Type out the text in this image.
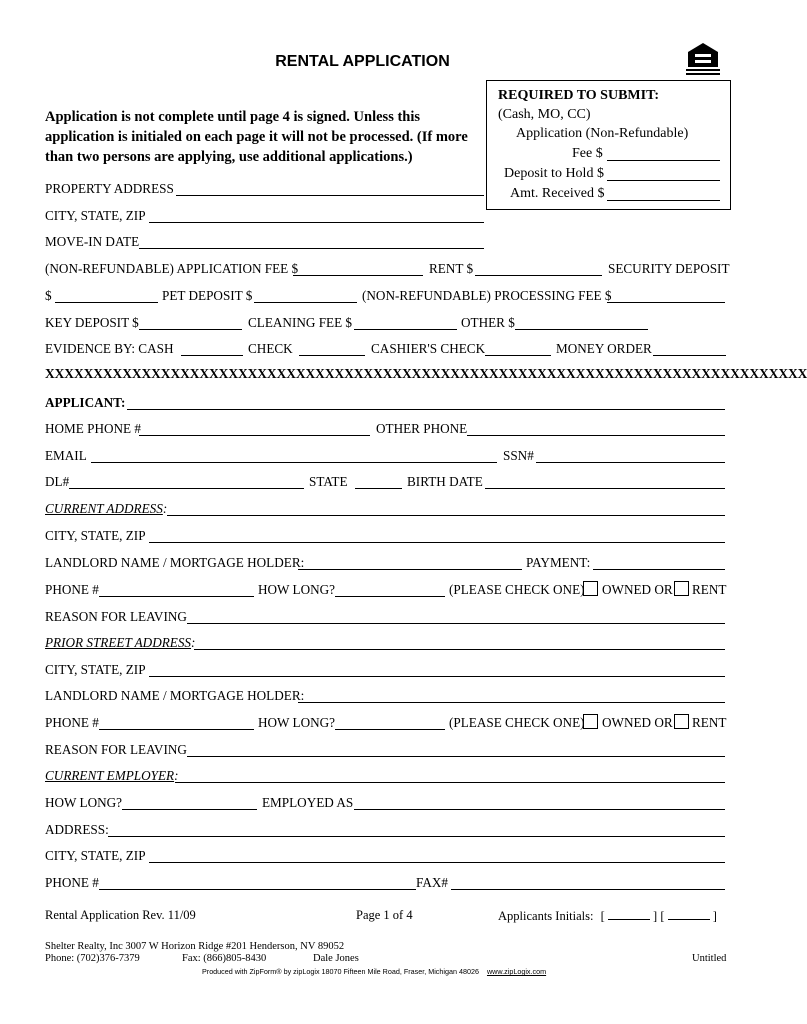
RENTAL APPLICATION
REQUIRED TO SUBMIT:
(Cash, MO, CC)
Application (Non-Refundable)
Fee $
Deposit to Hold $
Amt. Received $
Application is not complete until page 4 is signed. Unless this application is initialed on each page it will not be processed. (If more than two persons are applying, use additional applications.)
PROPERTY ADDRESS
CITY, STATE, ZIP
MOVE-IN DATE
(NON-REFUNDABLE) APPLICATION FEE $	RENT $	SECURITY DEPOSIT
$	PET DEPOSIT $	(NON-REFUNDABLE) PROCESSING FEE $
KEY DEPOSIT $	CLEANING FEE $	OTHER $
EVIDENCE BY: CASH	CHECK	CASHIER'S CHECK	MONEY ORDER
XXXXXXXXXXXXXXXXXXXXXXXXXXXXXXXXXXXXXXXXXXXXXXXXXXXXXXXXXXXXXXXXXXXXXXXXXXXXXXX
APPLICANT:
HOME PHONE #	OTHER PHONE
EMAIL	SSN#
DL#	STATE	BIRTH DATE
CURRENT ADDRESS:
CITY, STATE, ZIP
LANDLORD NAME / MORTGAGE HOLDER:	PAYMENT:
PHONE #	HOW LONG?	(PLEASE CHECK ONE) OWNED OR RENT
REASON FOR LEAVING
PRIOR STREET ADDRESS:
CITY, STATE, ZIP
LANDLORD NAME / MORTGAGE HOLDER:
PHONE #	HOW LONG?	(PLEASE CHECK ONE) OWNED OR RENT
REASON FOR LEAVING
CURRENT EMPLOYER:
HOW LONG?	EMPLOYED AS
ADDRESS:
CITY, STATE, ZIP
PHONE #	FAX#
Rental Application Rev. 11/09	Page 1 of 4	Applicants Initials: [	] [	]
Shelter Realty, Inc 3007 W Horizon Ridge #201 Henderson, NV 89052
Phone: (702)376-7379	Fax: (866)805-8430	Dale Jones	Untitled
Produced with ZipForm® by zipLogix 18070 Fifteen Mile Road, Fraser, Michigan 48026 www.zipLogix.com
